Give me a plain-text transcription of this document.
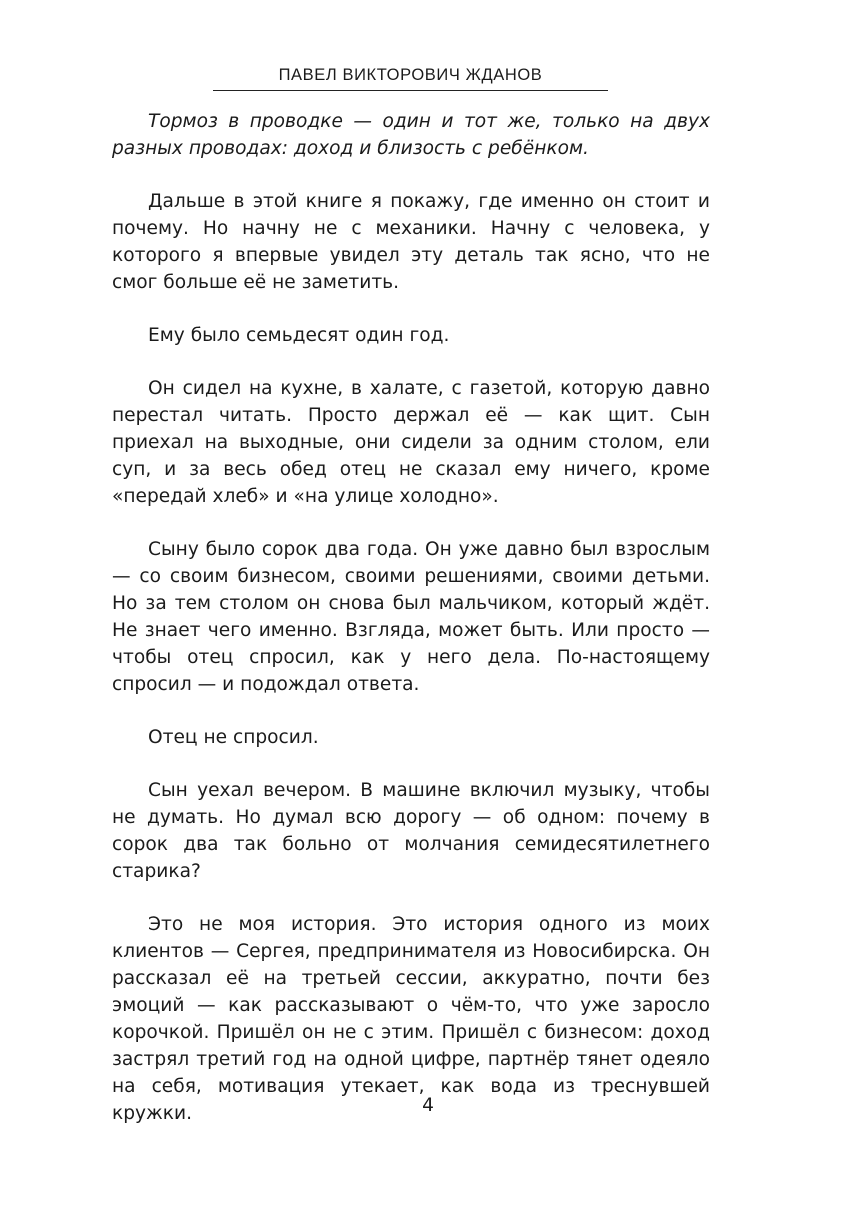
ПАВЕЛ ВИКТОРОВИЧ ЖДАНОВ

Тормоз в проводке — один и тот же, только на двух разных проводах: доход и близость с ребёнком.

Дальше в этой книге я покажу, где именно он стоит и почему. Но начну не с механики. Начну с человека, у которого я впервые увидел эту деталь так ясно, что не смог больше её не заметить.

Ему было семьдесят один год.

Он сидел на кухне, в халате, с газетой, которую давно перестал читать. Просто держал её — как щит. Сын приехал на выходные, они сидели за одним столом, ели суп, и за весь обед отец не сказал ему ничего, кроме «передай хлеб» и «на улице холодно».

Сыну было сорок два года. Он уже давно был взрослым — со своим бизнесом, своими решениями, своими детьми. Но за тем столом он снова был мальчиком, который ждёт. Не знает чего именно. Взгляда, может быть. Или просто — чтобы отец спросил, как у него дела. По-настоящему спросил — и подождал ответа.

Отец не спросил.

Сын уехал вечером. В машине включил музыку, чтобы не думать. Но думал всю дорогу — об одном: почему в сорок два так больно от молчания семидесятилетнего старика?

Это не моя история. Это история одного из моих клиентов — Сергея, предпринимателя из Новосибирска. Он рассказал её на третьей сессии, аккуратно, почти без эмоций — как рассказывают о чём-то, что уже заросло корочкой. Пришёл он не с этим. Пришёл с бизнесом: доход застрял третий год на одной цифре, партнёр тянет одеяло на себя, мотивация утекает, как вода из треснувшей кружки.	4
